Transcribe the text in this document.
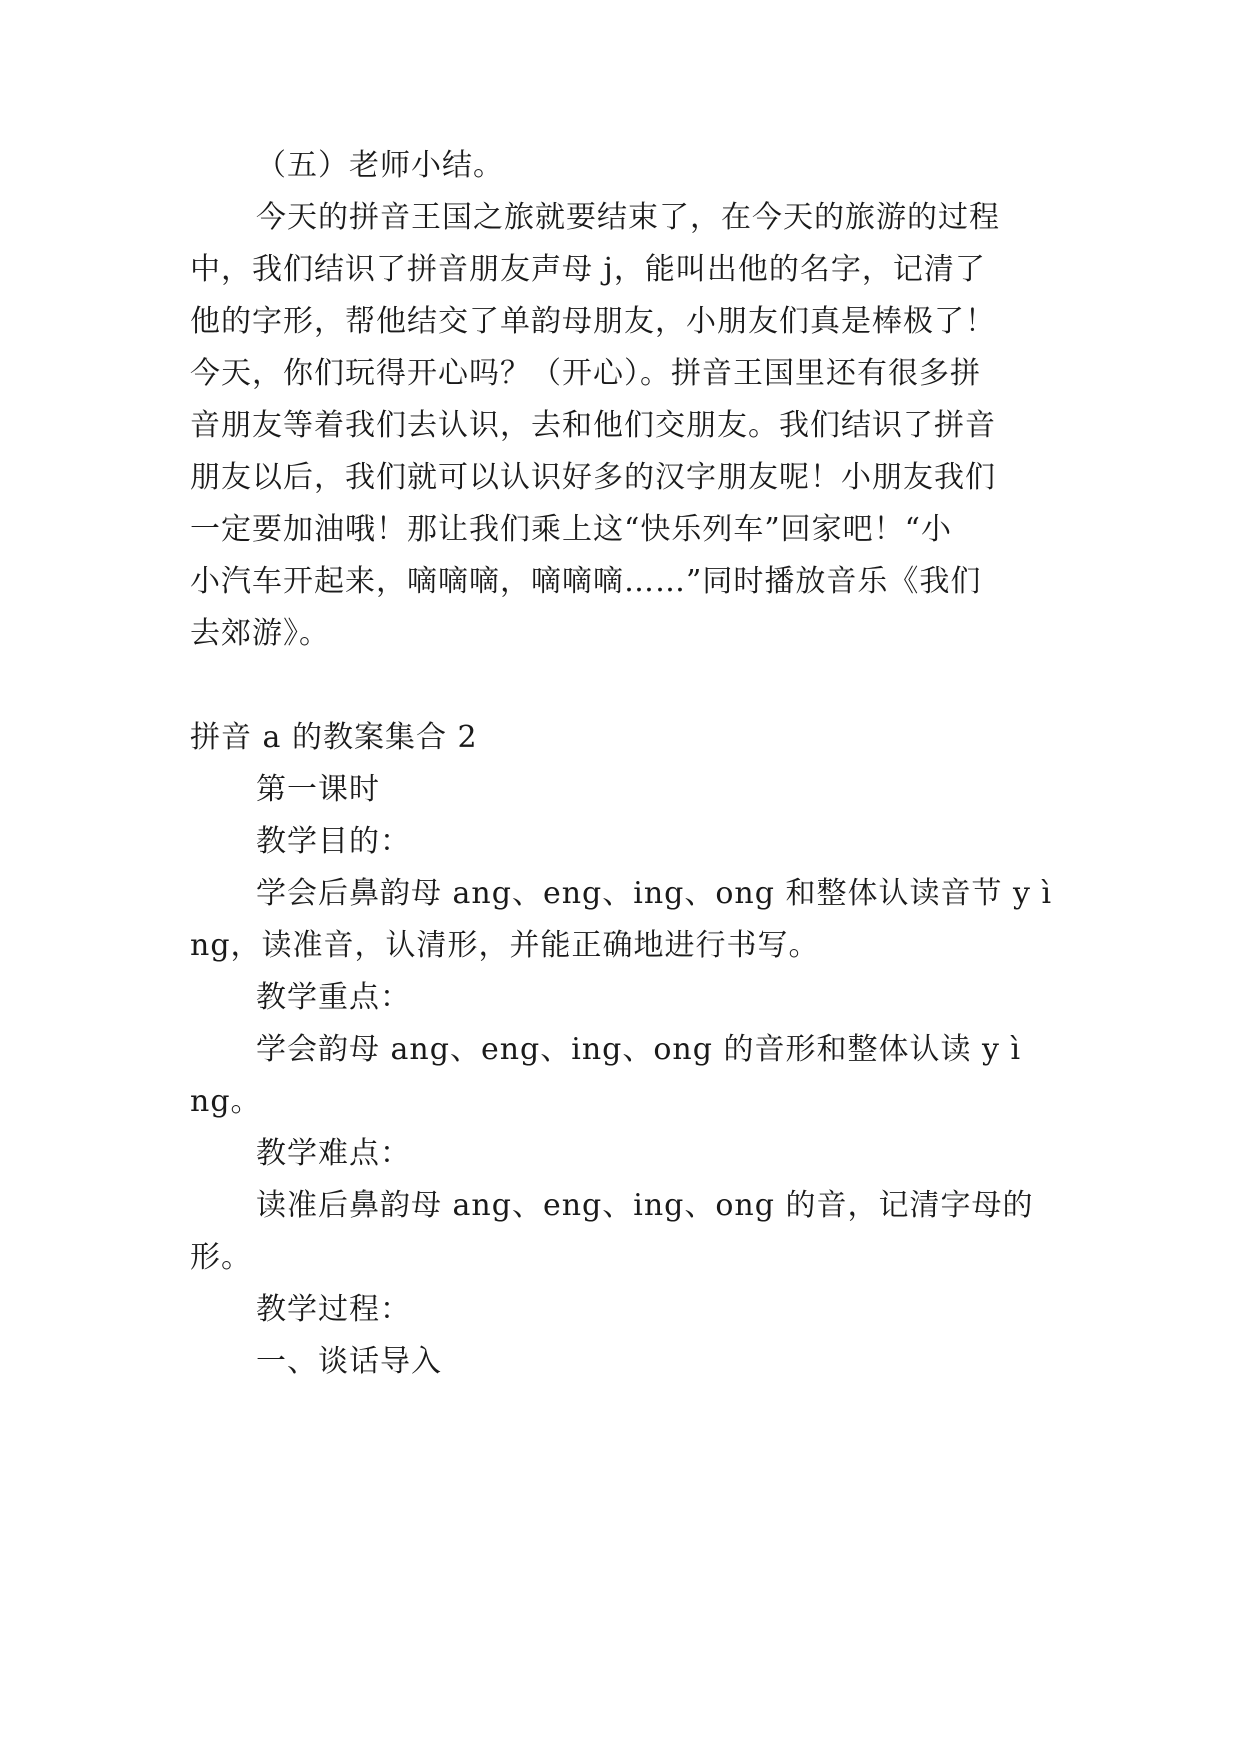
（五）老师小结。

今天的拼音王国之旅就要结束了，在今天的旅游的过程

中，我们结识了拼音朋友声母 j，能叫出他的名字，记清了

他的字形，帮他结交了单韵母朋友，小朋友们真是棒极了！

今天，你们玩得开心吗？（开心）。拼音王国里还有很多拼

音朋友等着我们去认识，去和他们交朋友。我们结识了拼音

朋友以后，我们就可以认识好多的汉字朋友呢！小朋友我们

一定要加油哦！那让我们乘上这“快乐列车”回家吧！“小

小汽车开起来，嘀嘀嘀，嘀嘀嘀……”同时播放音乐《我们

去郊游》。

拼音 a 的教案集合 2

第一课时

教学目的：

学会后鼻韵母 ang、eng、ing、ong 和整体认读音节 y ì

ng，读准音，认清形，并能正确地进行书写。

教学重点：

学会韵母 ang、eng、ing、ong 的音形和整体认读 y ì

ng。

教学难点：

读准后鼻韵母 ang、eng、ing、ong 的音，记清字母的

形。

教学过程：

一、谈话导入
